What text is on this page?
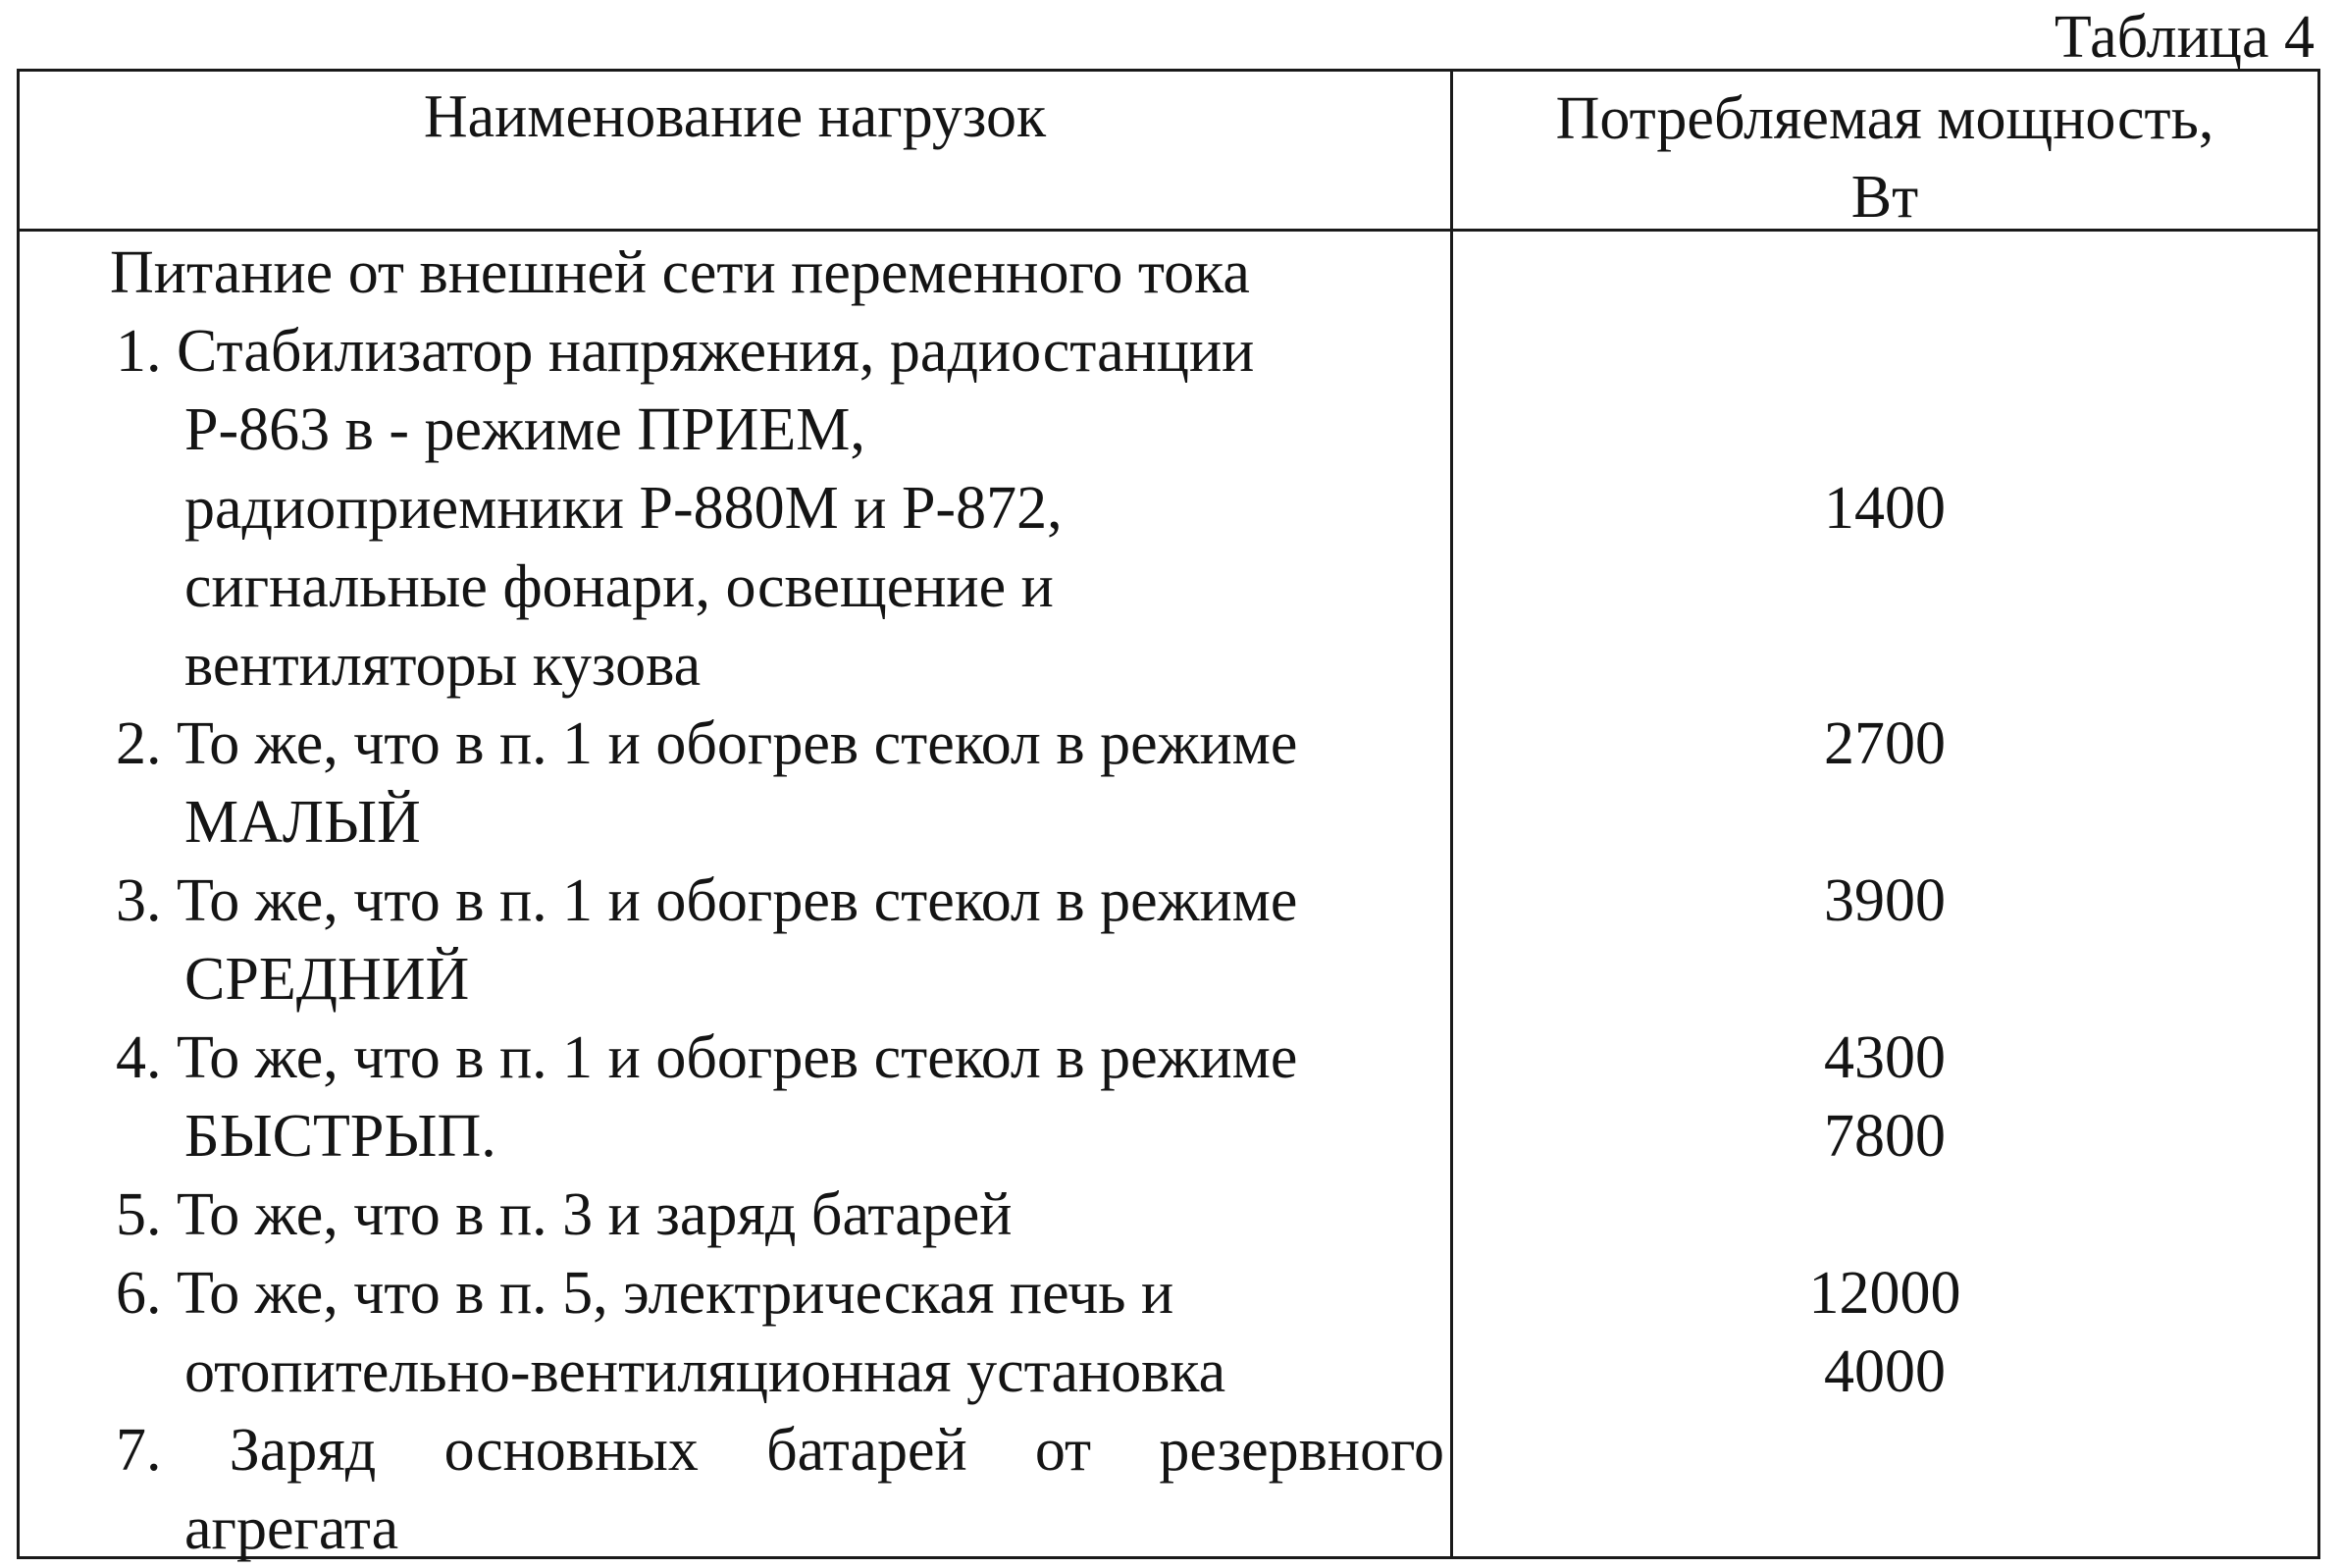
Таблица 4
Наименование нагрузок	Потребляемая мощность,
Вт
Питание от внешней сети переменного тока
1. Стабилизатор напряжения, радиостанции
Р-863 в - режиме ПРИЕМ,
радиоприемники Р-880М и Р-872,
сигнальные фонари, освещение и
вентиляторы кузова
2. То же, что в п. 1 и обогрев стекол в режиме
МАЛЫЙ
3. То же, что в п. 1 и обогрев стекол в режиме
СРЕДНИЙ
4. То же, что в п. 1 и обогрев стекол в режиме
БЫСТРЫП.
5. То же, что в п. 3 и заряд батарей
6. То же, что в п. 5, электрическая печь и
отопительно-вентиляционная установка
7. Заряд основных батарей от резервного
агрегата
1400
2700
3900
4300
7800
12000
4000
